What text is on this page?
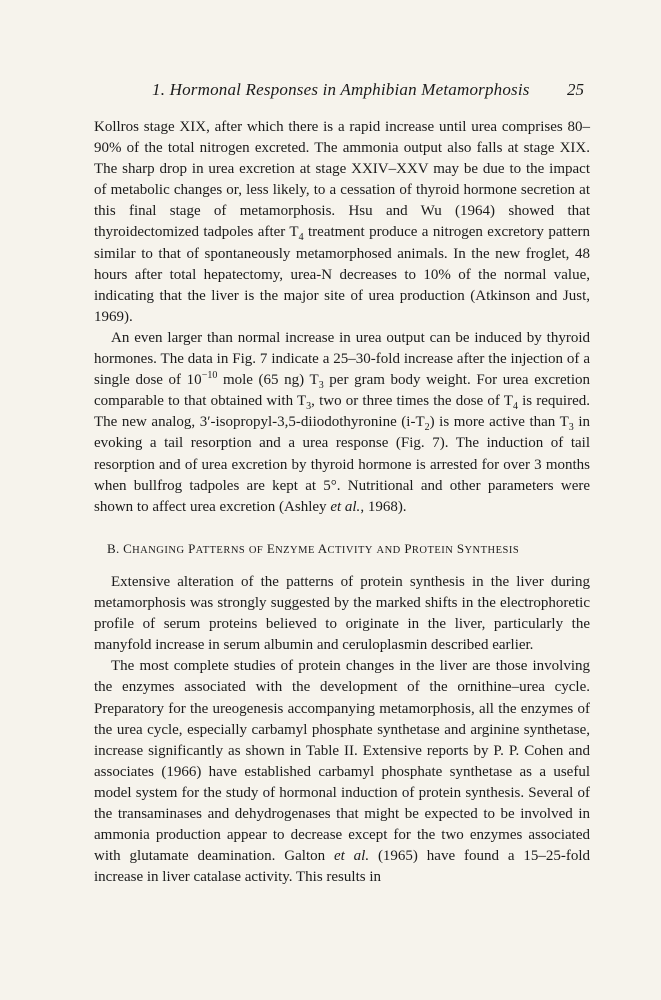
1. Hormonal Responses in Amphibian Metamorphosis 25

Kollros stage XIX, after which there is a rapid increase until urea comprises 80–90% of the total nitrogen excreted. The ammonia output also falls at stage XIX. The sharp drop in urea excretion at stage XXIV–XXV may be due to the impact of metabolic changes or, less likely, to a cessation of thyroid hormone secretion at this final stage of metamorphosis. Hsu and Wu (1964) showed that thyroidectomized tadpoles after $T_4$ treatment produce a nitrogen excretory pattern similar to that of spontaneously metamorphosed animals. In the new froglet, 48 hours after total hepatectomy, urea-N decreases to 10% of the normal value, indicating that the liver is the major site of urea production (Atkinson and Just, 1969).

An even larger than normal increase in urea output can be induced by thyroid hormones. The data in Fig. 7 indicate a 25–30-fold increase after the injection of a single dose of $10^{-10}$ mole (65 ng) $T_3$ per gram body weight. For urea excretion comparable to that obtained with $T_3$, two or three times the dose of $T_4$ is required. The new analog, 3′-isopropyl-3,5-diiodothyronine $(i-T_2)$ is more active than $T_3$ in evoking a tail resorption and a urea response (Fig. 7). The induction of tail resorption and of urea excretion by thyroid hormone is arrested for over 3 months when bullfrog tadpoles are kept at 5°. Nutritional and other parameters were shown to affect urea excretion (Ashley et al., 1968).

B. CHANGING PATTERNS OF ENZYME ACTIVITY AND PROTEIN SYNTHESIS

Extensive alteration of the patterns of protein synthesis in the liver during metamorphosis was strongly suggested by the marked shifts in the electrophoretic profile of serum proteins believed to originate in the liver, particularly the manyfold increase in serum albumin and ceruloplasmin described earlier.

The most complete studies of protein changes in the liver are those involving the enzymes associated with the development of the ornithine–urea cycle. Preparatory for the ureogenesis accompanying metamorphosis, all the enzymes of the urea cycle, especially carbamyl phosphate synthetase and arginine synthetase, increase significantly as shown in Table II. Extensive reports by P. P. Cohen and associates (1966) have established carbamyl phosphate synthetase as a useful model system for the study of hormonal induction of protein synthesis. Several of the transaminases and dehydrogenases that might be expected to be involved in ammonia production appear to decrease except for the two enzymes associated with glutamate deamination. Galton et al. (1965) have found a 15–25-fold increase in liver catalase activity. This results in
